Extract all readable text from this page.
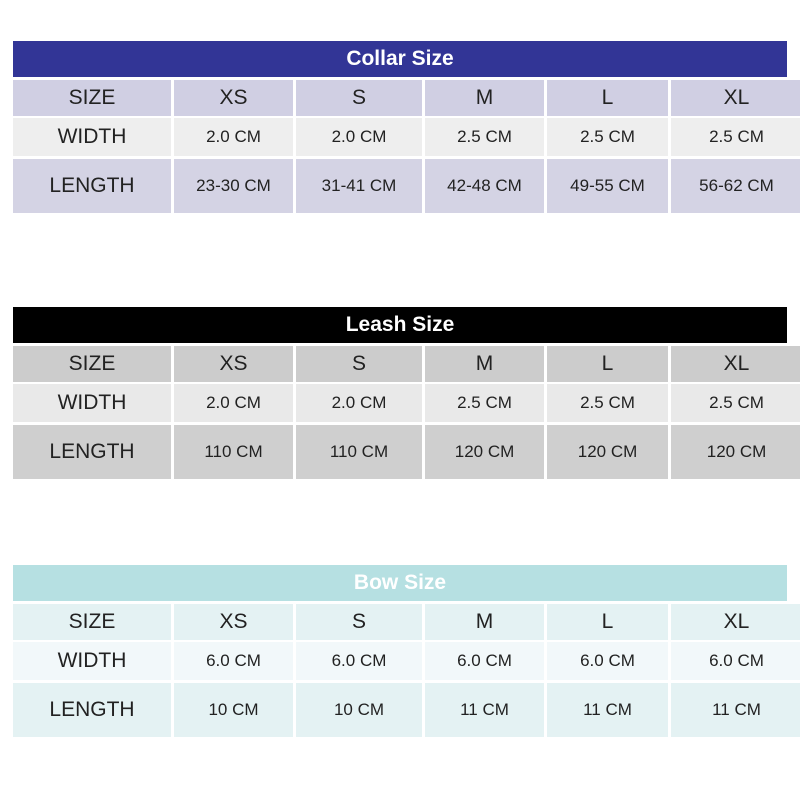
Collar Size
SIZE	XS	S	M	L	XL
WIDTH	2.0 CM	2.0 CM	2.5 CM	2.5 CM	2.5 CM
LENGTH	23-30 CM	31-41 CM	42-48 CM	49-55 CM	56-62 CM
Leash Size
SIZE	XS	S	M	L	XL
WIDTH	2.0 CM	2.0 CM	2.5 CM	2.5 CM	2.5 CM
LENGTH	110 CM	110 CM	120 CM	120 CM	120 CM
Bow Size
SIZE	XS	S	M	L	XL
WIDTH	6.0 CM	6.0 CM	6.0 CM	6.0 CM	6.0 CM
LENGTH	10 CM	10 CM	11 CM	11 CM	11 CM
